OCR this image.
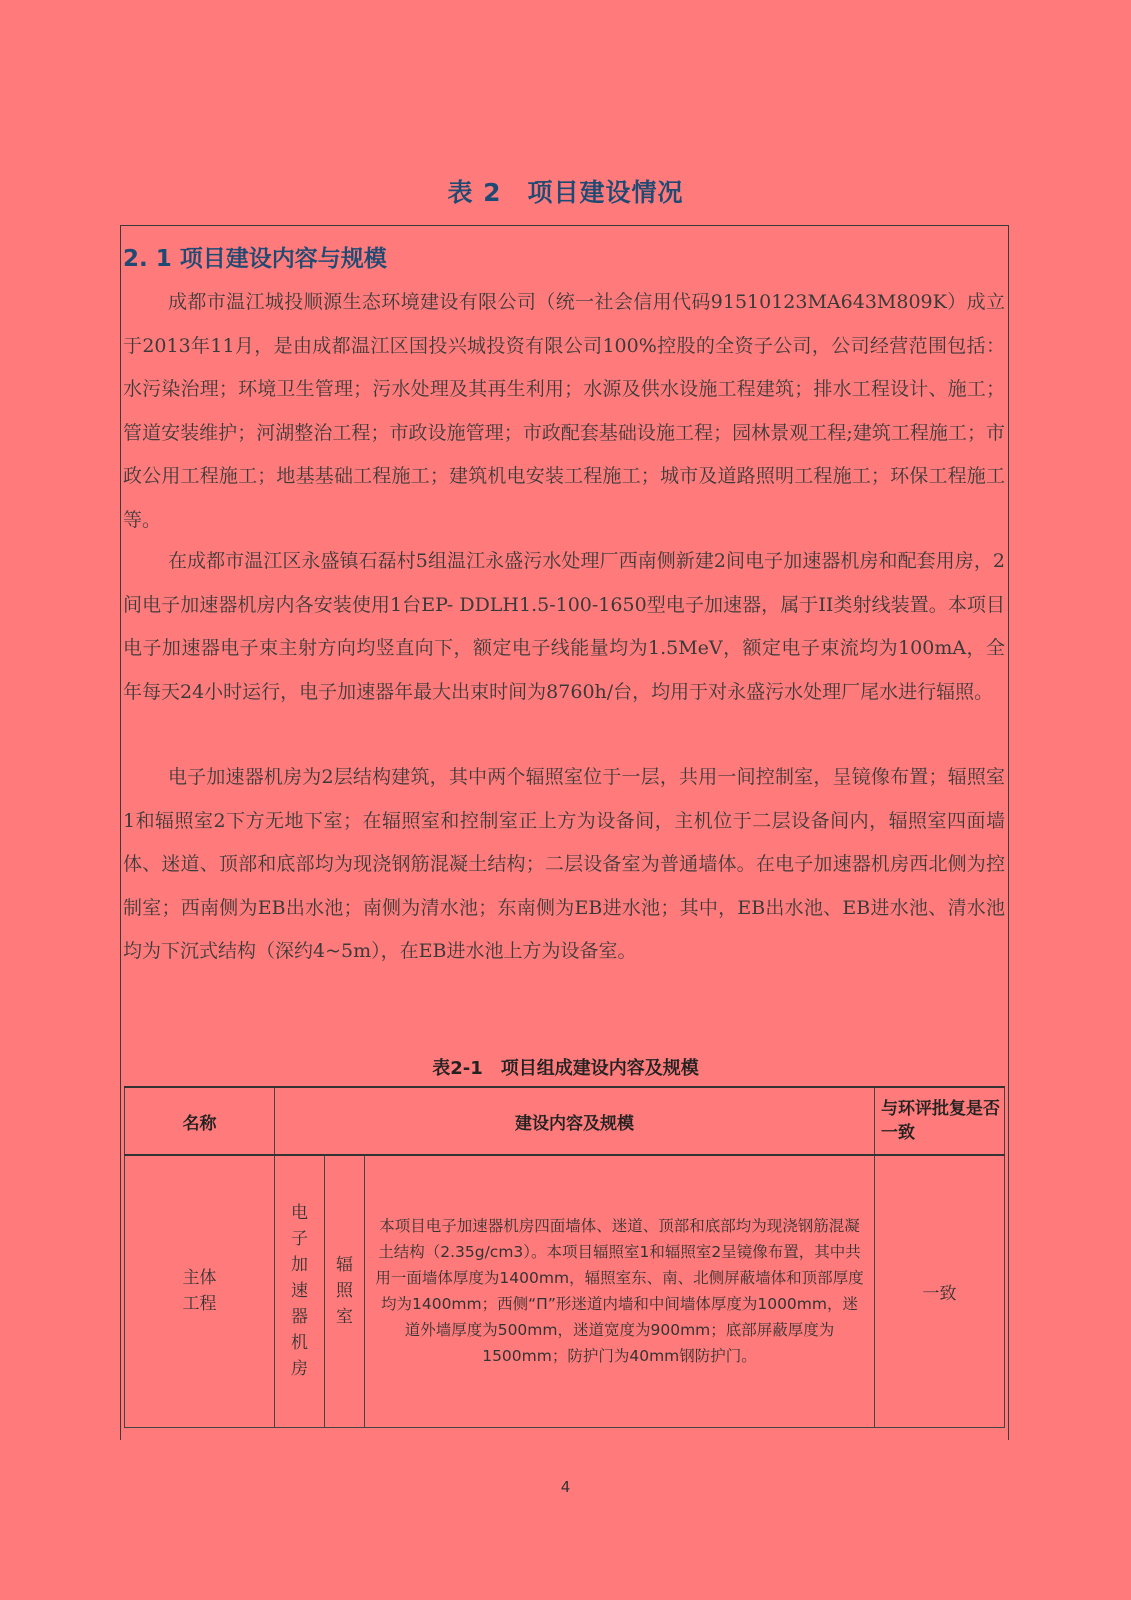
表 2　项目建设情况
2. 1 项目建设内容与规模

成都市温江城投顺源生态环境建设有限公司（统一社会信用代码91510123MA643M809K）成立于2013年11月，是由成都温江区国投兴城投资有限公司100%控股的全资子公司，公司经营范围包括：水污染治理；环境卫生管理；污水处理及其再生利用；水源及供水设施工程建筑；排水工程设计、施工；管道安装维护；河湖整治工程；市政设施管理；市政配套基础设施工程；园林景观工程;建筑工程施工；市政公用工程施工；地基基础工程施工；建筑机电安装工程施工；城市及道路照明工程施工；环保工程施工等。

在成都市温江区永盛镇石磊村5组温江永盛污水处理厂西南侧新建2间电子加速器机房和配套用房，2间电子加速器机房内各安装使用1台EP- DDLH1.5-100-1650型电子加速器，属于II类射线装置。本项目电子加速器电子束主射方向均竖直向下，额定电子线能量均为1.5MeV，额定电子束流均为100mA，全年每天24小时运行，电子加速器年最大出束时间为8760h/台，均用于对永盛污水处理厂尾水进行辐照。

电子加速器机房为2层结构建筑，其中两个辐照室位于一层，共用一间控制室，呈镜像布置；辐照室1和辐照室2下方无地下室；在辐照室和控制室正上方为设备间，主机位于二层设备间内，辐照室四面墙体、迷道、顶部和底部均为现浇钢筋混凝土结构；二层设备室为普通墙体。在电子加速器机房西北侧为控制室；西南侧为EB出水池；南侧为清水池；东南侧为EB进水池；其中，EB出水池、EB进水池、清水池均为下沉式结构（深约4~5m），在EB进水池上方为设备室。

表2-1　项目组成建设内容及规模
名称	建设内容及规模			与环评批复是否一致

主体工程	电子加速器机房	辐照室	本项目电子加速器机房四面墙体、迷道、顶部和底部均为现浇钢筋混凝土结构（2.35g/cm3）。本项目辐照室1和辐照室2呈镜像布置，其中共用一面墙体厚度为1400mm，辐照室东、南、北侧屏蔽墙体和顶部厚度均为1400mm；西侧“Π”形迷道内墙和中间墙体厚度为1000mm，迷道外墙厚度为500mm，迷道宽度为900mm；底部屏蔽厚度为1500mm；防护门为40mm钢防护门。	一致
4
